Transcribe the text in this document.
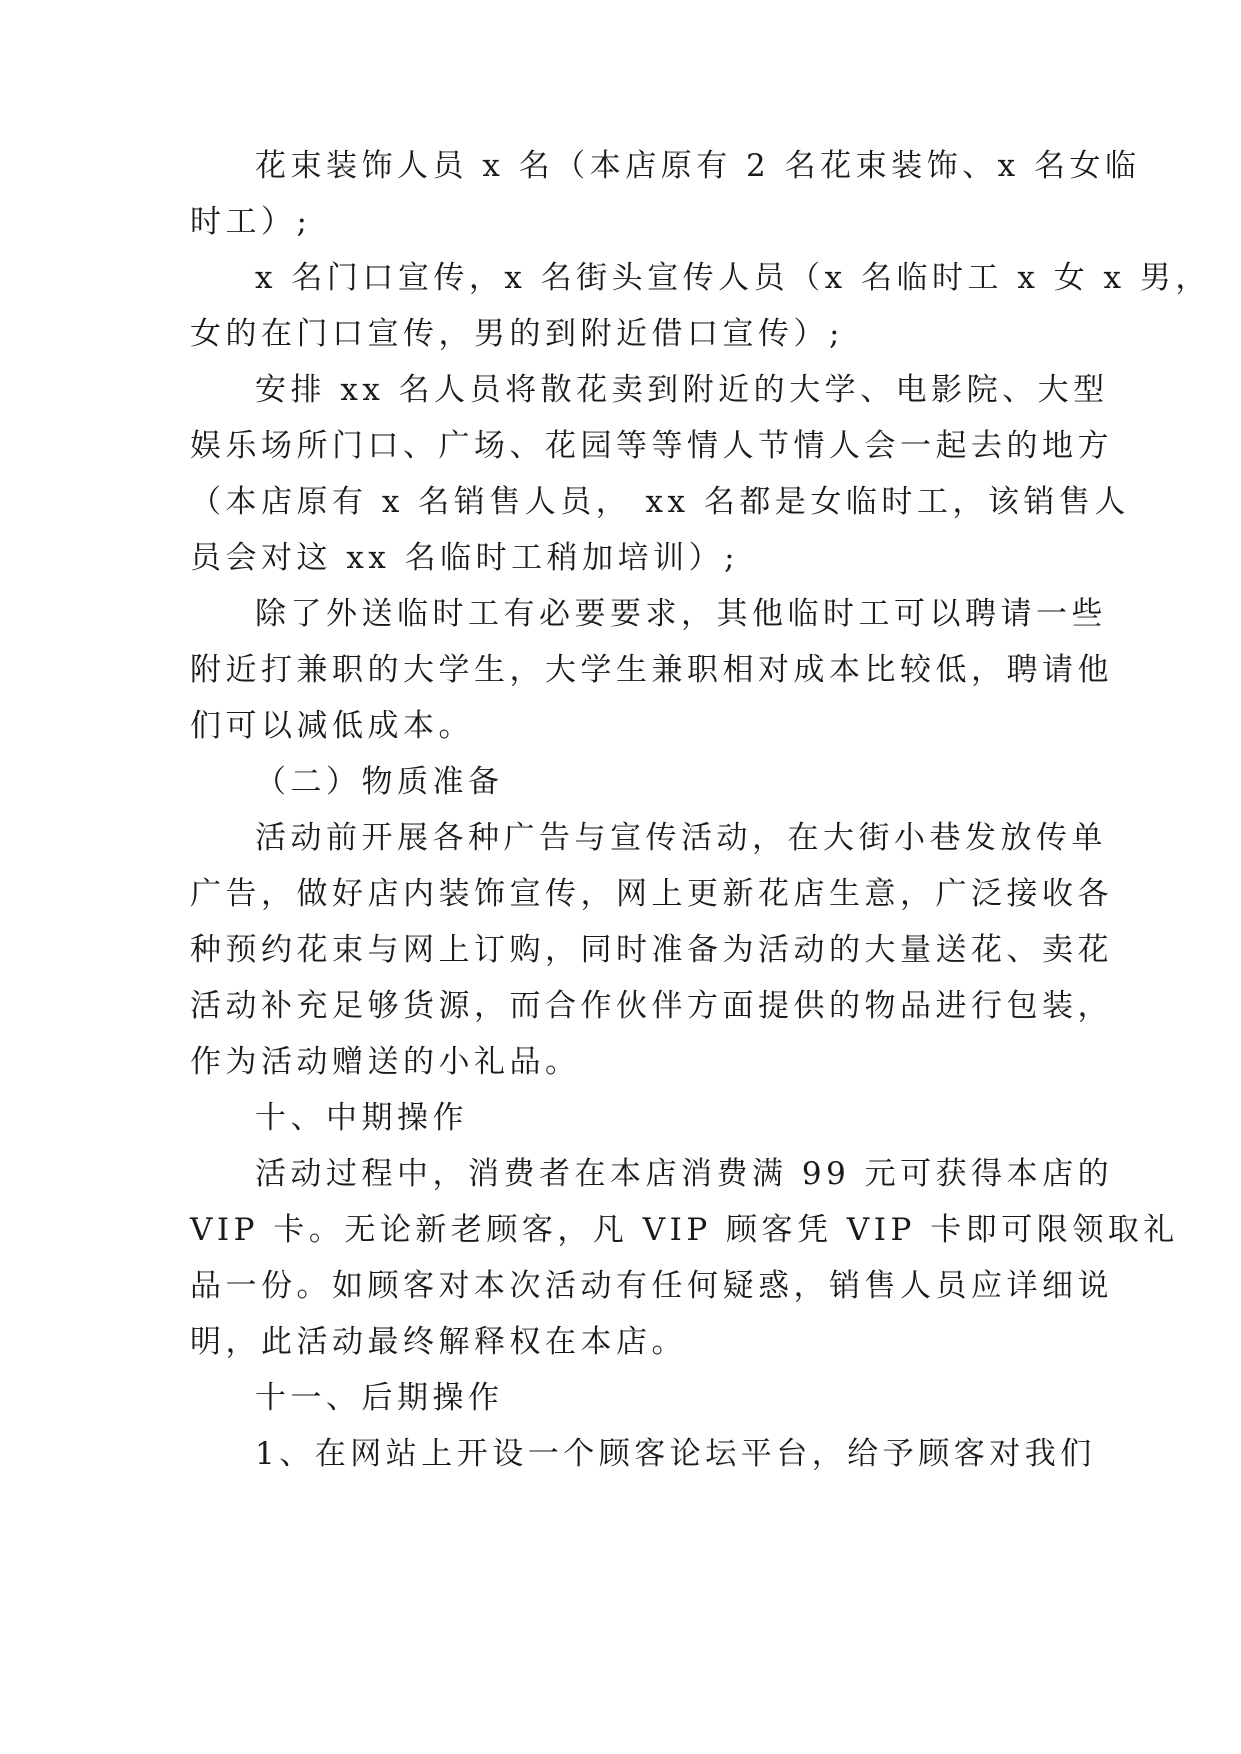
花束装饰人员 x 名（本店原有 2 名花束装饰、x 名女临
时工）;
x 名门口宣传，x 名街头宣传人员（x 名临时工 x 女 x 男，
女的在门口宣传，男的到附近借口宣传）;
安排 xx 名人员将散花卖到附近的大学、电影院、大型
娱乐场所门口、广场、花园等等情人节情人会一起去的地方
（本店原有 x 名销售人员， xx 名都是女临时工，该销售人
员会对这 xx 名临时工稍加培训）;
除了外送临时工有必要要求，其他临时工可以聘请一些
附近打兼职的大学生，大学生兼职相对成本比较低，聘请他
们可以减低成本。
（二）物质准备
活动前开展各种广告与宣传活动，在大街小巷发放传单
广告，做好店内装饰宣传，网上更新花店生意，广泛接收各
种预约花束与网上订购，同时准备为活动的大量送花、卖花
活动补充足够货源，而合作伙伴方面提供的物品进行包装，
作为活动赠送的小礼品。
十、中期操作
活动过程中，消费者在本店消费满 99 元可获得本店的
VIP 卡。无论新老顾客，凡 VIP 顾客凭 VIP 卡即可限领取礼
品一份。如顾客对本次活动有任何疑惑，销售人员应详细说
明，此活动最终解释权在本店。
十一、后期操作
1、在网站上开设一个顾客论坛平台，给予顾客对我们
